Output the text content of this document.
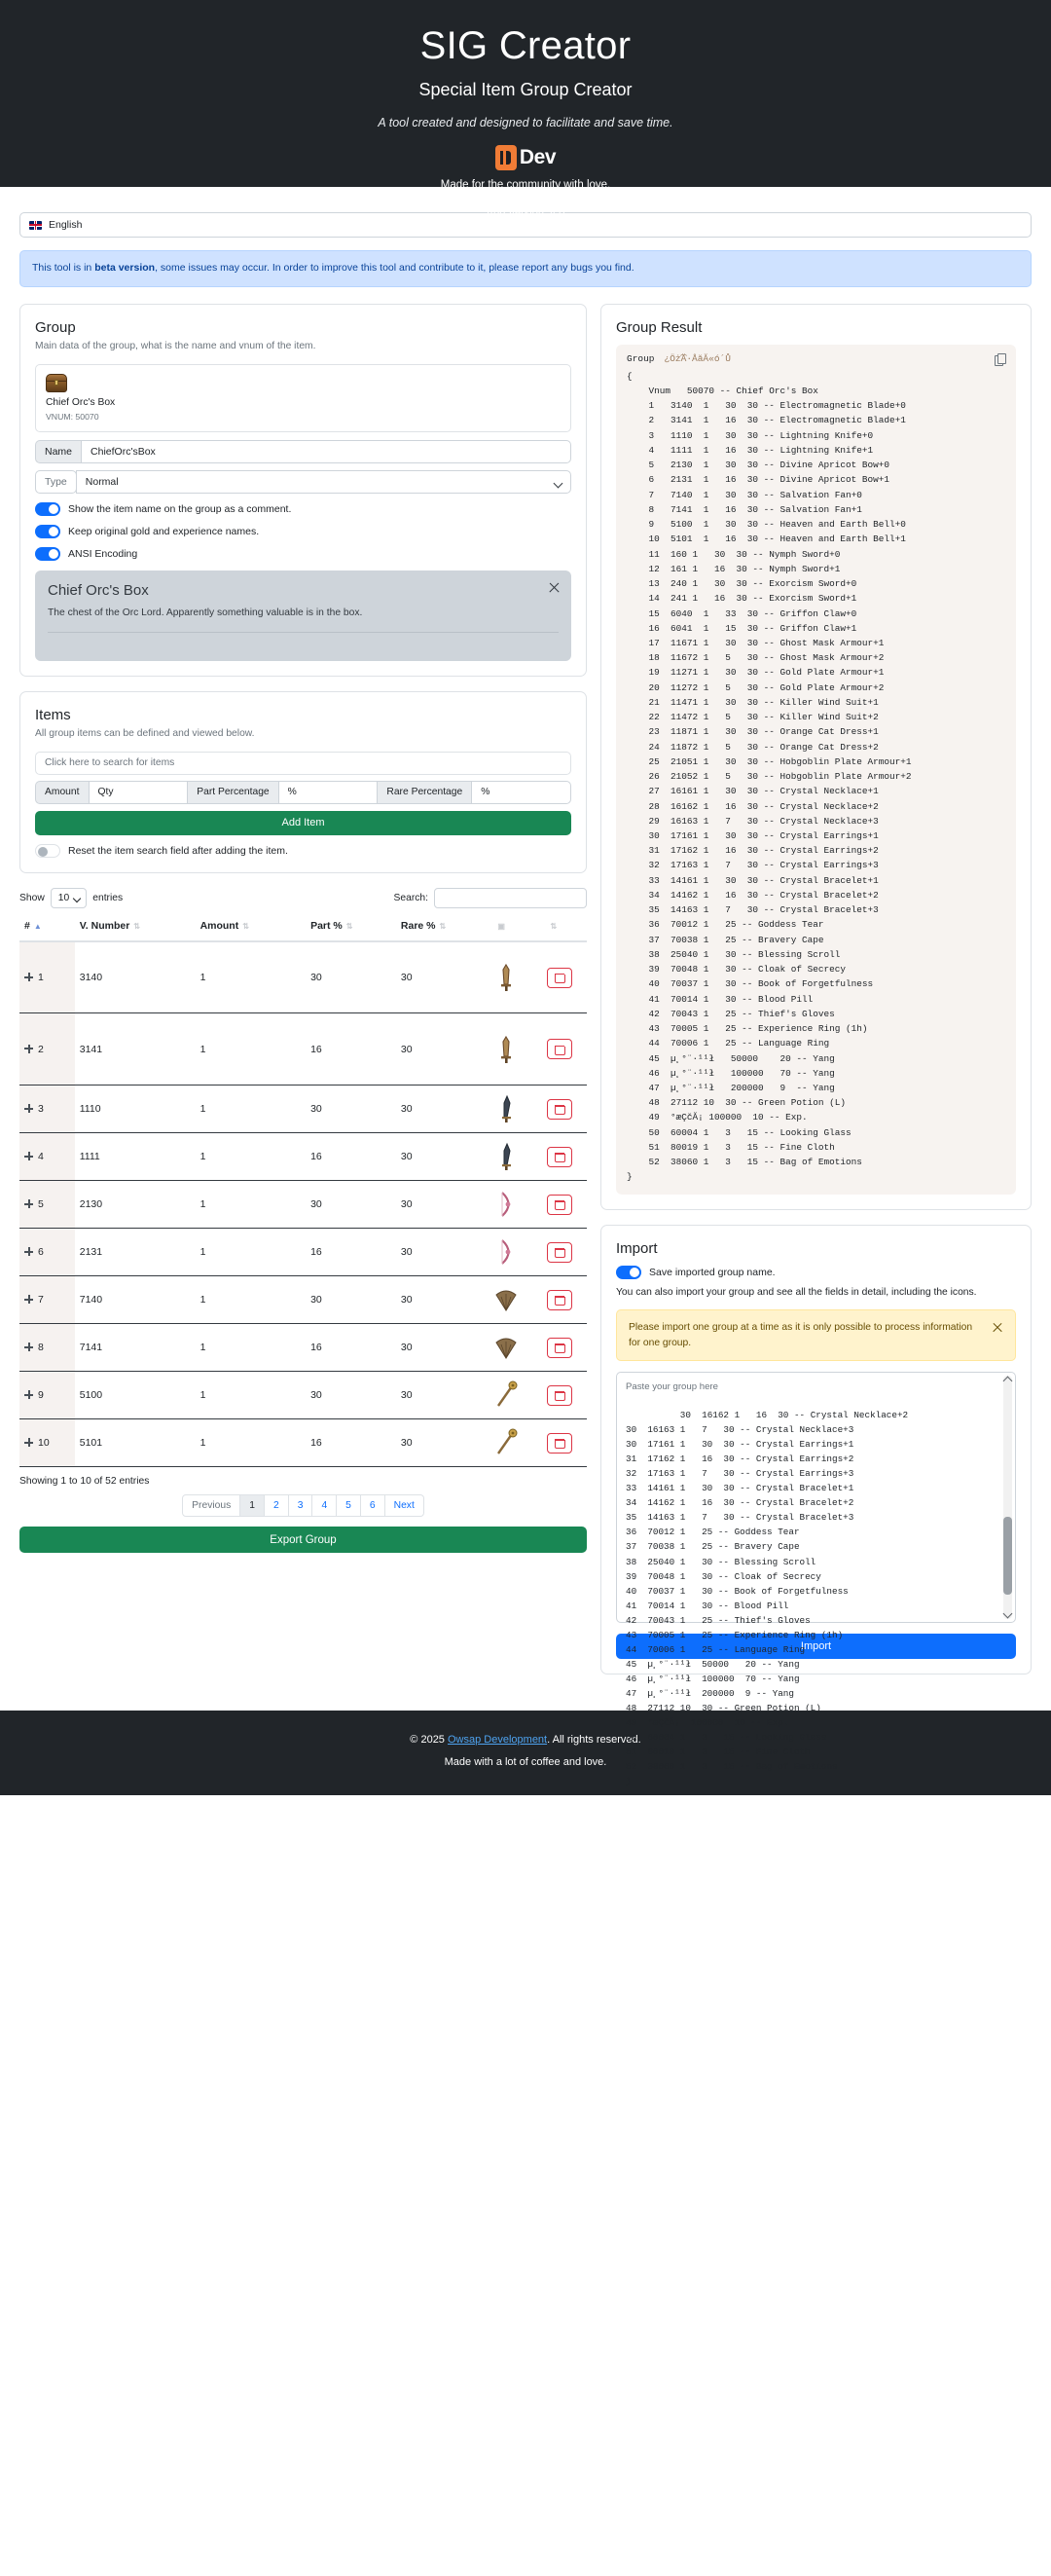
SIG Creator
Special Item Group Creator
A tool created and designed to facilitate and save time.
Dev
Made for the community with love.
App Version: 4.0
Proto Version: 25.0.5.0
English
This tool is in beta version, some issues may occur. In order to improve this tool and contribute to it, please report any bugs you find.
Group
Main data of the group, what is the name and vnum of the item.
Chief Orc's Box
VNUM: 50070
Name	ChiefOrc'sBox
Type	Normal
Show the item name on the group as a comment.
Keep original gold and experience names.
ANSI Encoding
Chief Orc's Box
The chest of the Orc Lord. Apparently something valuable is in the box.
Items
All group items can be defined and viewed below.
Click here to search for items
Amount	Qty	Part Percentage	%	Rare Percentage	%
Add Item
Reset the item search field after adding the item.
Show	10	entries	Search:
# ▲	V. Number ⇅	Amount ⇅	Part % ⇅	Rare % ⇅	▣	⇅
1	3140	1	30	30	

2	3141	1	16	30	

3	1110	1	30	30	

4	1111	1	16	30	

5	2130	1	30	30	

6	2131	1	16	30	

7	7140	1	30	30	

8	7141	1	16	30	

9	5100	1	30	30	

10	5101	1	16	30	

Showing 1 to 10 of 52 entries
Previous	1	2	3	4	5	6	Next
Export Group
Group Result
Group ¿Öż͡Ă·ÅăĂ«ó´Ů
{
Vnum   50070 -- Chief Orc's Box
1   3140  1   30  30 -- Electromagnetic Blade+0
2   3141  1   16  30 -- Electromagnetic Blade+1
3   1110  1   30  30 -- Lightning Knife+0
4   1111  1   16  30 -- Lightning Knife+1
5   2130  1   30  30 -- Divine Apricot Bow+0
6   2131  1   16  30 -- Divine Apricot Bow+1
7   7140  1   30  30 -- Salvation Fan+0
8   7141  1   16  30 -- Salvation Fan+1
9   5100  1   30  30 -- Heaven and Earth Bell+0
10  5101  1   16  30 -- Heaven and Earth Bell+1
11  160 1   30  30 -- Nymph Sword+0
12  161 1   16  30 -- Nymph Sword+1
13  240 1   30  30 -- Exorcism Sword+0
14  241 1   16  30 -- Exorcism Sword+1
15  6040  1   33  30 -- Griffon Claw+0
16  6041  1   15  30 -- Griffon Claw+1
17  11671 1   30  30 -- Ghost Mask Armour+1
18  11672 1   5   30 -- Ghost Mask Armour+2
19  11271 1   30  30 -- Gold Plate Armour+1
20  11272 1   5   30 -- Gold Plate Armour+2
21  11471 1   30  30 -- Killer Wind Suit+1
22  11472 1   5   30 -- Killer Wind Suit+2
23  11871 1   30  30 -- Orange Cat Dress+1
24  11872 1   5   30 -- Orange Cat Dress+2
25  21051 1   30  30 -- Hobgoblin Plate Armour+1
26  21052 1   5   30 -- Hobgoblin Plate Armour+2
27  16161 1   30  30 -- Crystal Necklace+1
28  16162 1   16  30 -- Crystal Necklace+2
29  16163 1   7   30 -- Crystal Necklace+3
30  17161 1   30  30 -- Crystal Earrings+1
31  17162 1   16  30 -- Crystal Earrings+2
32  17163 1   7   30 -- Crystal Earrings+3
33  14161 1   30  30 -- Crystal Bracelet+1
34  14162 1   16  30 -- Crystal Bracelet+2
35  14163 1   7   30 -- Crystal Bracelet+3
36  70012 1   25 -- Goddess Tear
37  70038 1   25 -- Bravery Cape
38  25040 1   30 -- Blessing Scroll
39  70048 1   30 -- Cloak of Secrecy
40  70037 1   30 -- Book of Forgetfulness
41  70014 1   30 -- Blood Pill
42  70043 1   25 -- Thief's Gloves
43  70005 1   25 -- Experience Ring (1h)
44  70006 1   25 -- Language Ring
45  µ¸°¨·¹¹ł   50000    20 -- Yang
46  µ¸°¨·¹¹ł   100000   70 -- Yang
47  µ¸°¨·¹¹ł   200000   9  -- Yang
48  27112 10  30 -- Green Potion (L)
49  °æÇčĂ¡ 100000  10 -- Exp.
50  60004 1   3   15 -- Looking Glass
51  80019 1   3   15 -- Fine Cloth
52  38060 1   3   15 -- Bag of Emotions
}
Import
Save imported group name.
You can also import your group and see all the fields in detail, including the icons.
Please import one group at a time as it is only possible to process information for one group.

Paste your group here

30  16162 1   16  30 -- Crystal Necklace+2
30  16163 1   7   30 -- Crystal Necklace+3
30  17161 1   30  30 -- Crystal Earrings+1
31  17162 1   16  30 -- Crystal Earrings+2
32  17163 1   7   30 -- Crystal Earrings+3
33  14161 1   30  30 -- Crystal Bracelet+1
34  14162 1   16  30 -- Crystal Bracelet+2
35  14163 1   7   30 -- Crystal Bracelet+3
36  70012 1   25 -- Goddess Tear
37  70038 1   25 -- Bravery Cape
38  25040 1   30 -- Blessing Scroll
39  70048 1   30 -- Cloak of Secrecy
40  70037 1   30 -- Book of Forgetfulness
41  70014 1   30 -- Blood Pill
42  70043 1   25 -- Thief's Gloves
43  70005 1   25 -- Experience Ring (1h)
44  70006 1   25 -- Language Ring
45  µ¸°¨·¹¹ł  50000   20 -- Yang
46  µ¸°¨·¹¹ł  100000  70 -- Yang
47  µ¸°¨·¹¹ł  200000  9 -- Yang
48  27112 10  30 -- Green Potion (L)
49  °æÇčĂ¡  100000  10 -- Exp.
50  60004 1   3   15 -- Looking Glass
51  80019 1   3   15 -- Fine Cloth
52  38060 1   3   15 -- Bag of Emotions
}

Import
© 2025 Owsap Development. All rights reserved.
Made with a lot of coffee and love.
